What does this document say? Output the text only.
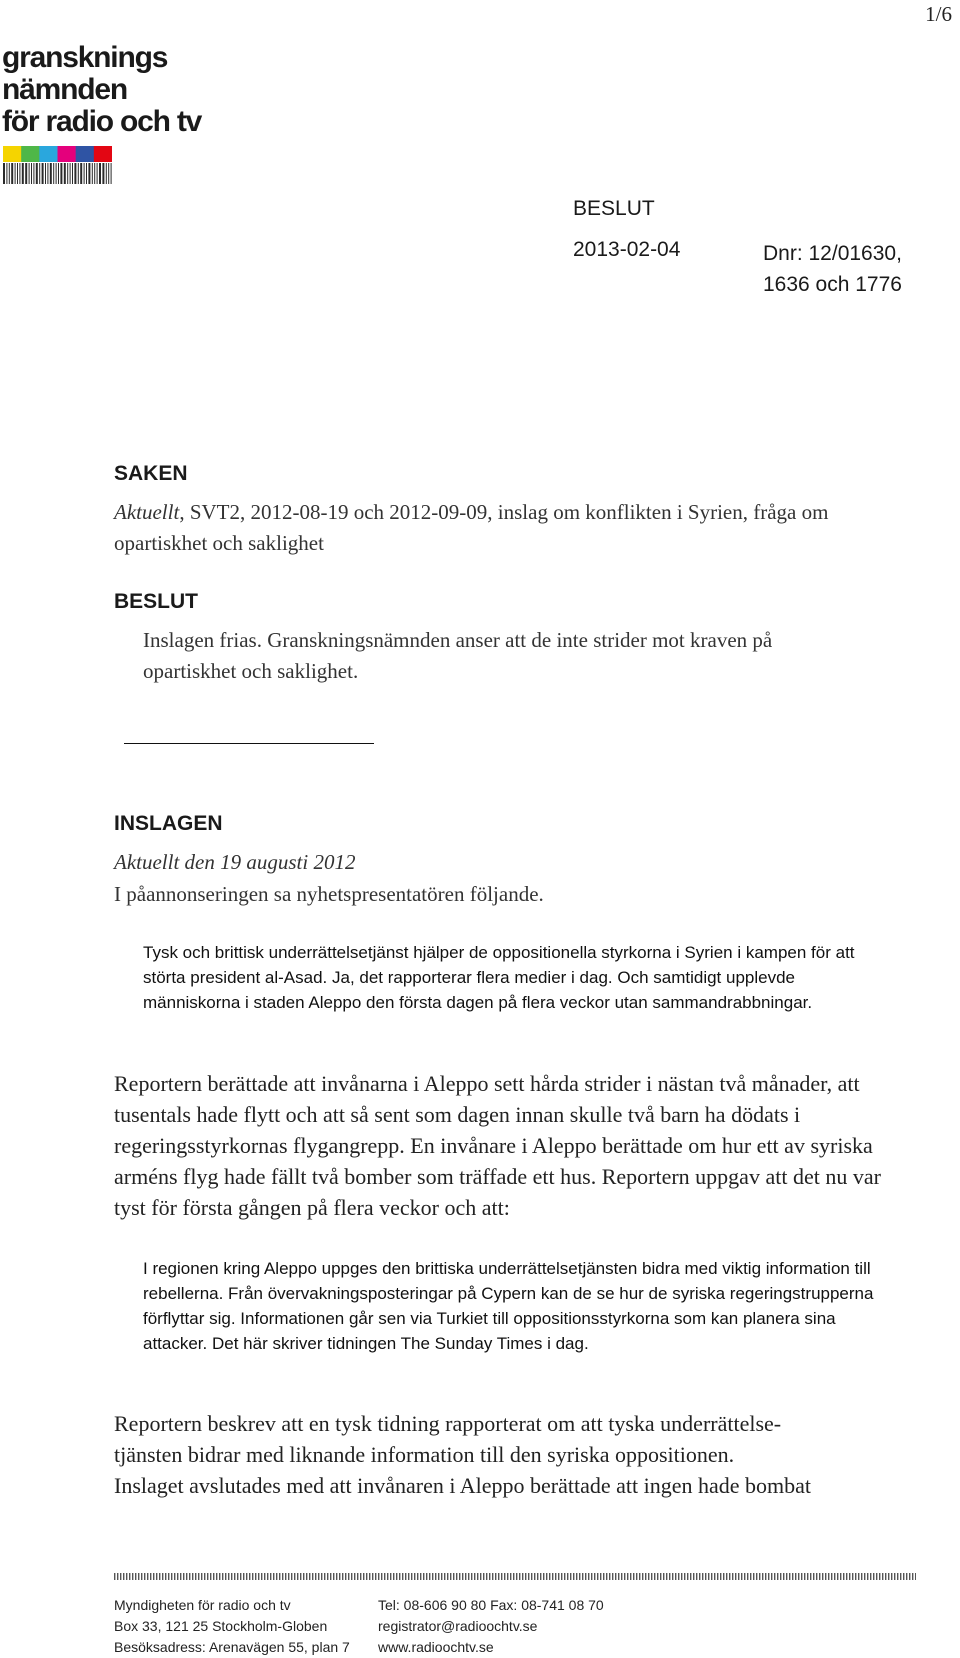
1/6
gransknings
nämnden
för radio och tv
BESLUT
2013-02-04	Dnr: 12/01630,
1636 och 1776
SAKEN
Aktuellt, SVT2, 2012-08-19 och 2012-09-09, inslag om konflikten i Syrien, fråga om opartiskhet och saklighet
BESLUT
Inslagen frias. Granskningsnämnden anser att de inte strider mot kraven på opartiskhet och saklighet.
INSLAGEN
Aktuellt den 19 augusti 2012
I påannonseringen sa nyhetspresentatören följande.
Tysk och brittisk underrättelsetjänst hjälper de oppositionella styrkorna i Syrien i kampen för att störta president al-Asad. Ja, det rapporterar flera medier i dag. Och samtidigt upplevde människorna i staden Aleppo den första dagen på flera veckor utan sammandrabbningar.
Reportern berättade att invånarna i Aleppo sett hårda strider i nästan två månader, att tusentals hade flytt och att så sent som dagen innan skulle två barn ha dödats i regeringsstyrkornas flygangrepp. En invånare i Aleppo berättade om hur ett av syriska arméns flyg hade fällt två bomber som träffade ett hus. Reportern uppgav att det nu var tyst för första gången på flera veckor och att:
I regionen kring Aleppo uppges den brittiska underrättelsetjänsten bidra med viktig information till rebellerna. Från övervakningsposteringar på Cypern kan de se hur de syriska regeringstrupperna förflyttar sig. Informationen går sen via Turkiet till oppositionsstyrkorna som kan planera sina attacker. Det här skriver tidningen The Sunday Times i dag.
Reportern beskrev att en tysk tidning rapporterat om att tyska underrättelse-
tjänsten bidrar med liknande information till den syriska oppositionen.
Inslaget avslutades med att invånaren i Aleppo berättade att ingen hade bombat
Myndigheten för radio och tv
Box 33, 121 25 Stockholm-Globen
Besöksadress: Arenavägen 55, plan 7
Tel: 08-606 90 80 Fax: 08-741 08 70
registrator@radioochtv.se
www.radioochtv.se
